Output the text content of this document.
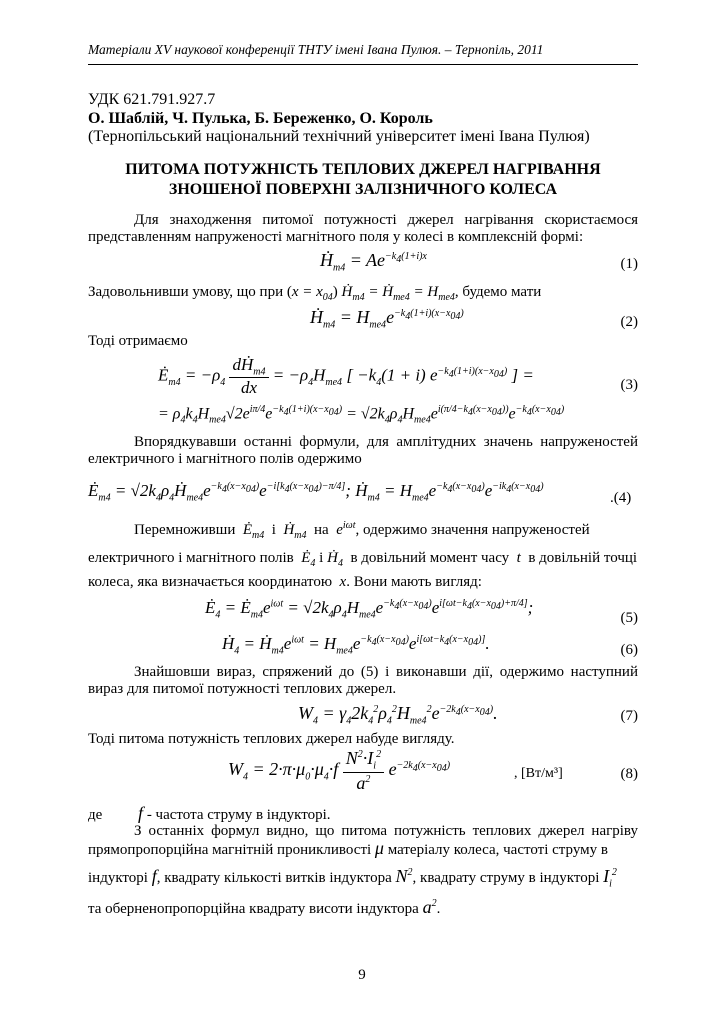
Матеріали XV наукової конференції ТНТУ імені Івана Пулюя. – Тернопіль, 2011
УДК 621.791.927.7
О. Шаблій, Ч. Пулька, Б. Береженко, О. Король
(Тернопільський національний технічний університет імені Івана Пулюя)
ПИТОМА ПОТУЖНІСТЬ ТЕПЛОВИХ ДЖЕРЕЛ НАГРІВАННЯ
ЗНОШЕНОЇ ПОВЕРХНІ ЗАЛІЗНИЧНОГО КОЛЕСА
Для знаходження питомої потужності джерел нагрівання скористаємося представленням напруженості магнітного поля у колесі в комплексній формі:
Ḣ$_{m4}$ = $Ae^{-k_4(1+i)x}$	(1)
Задовольнивши умову, що при $(x = x_{04})$ Ḣ$_{m4}$ = Ḣ$_{me4}$ = $H_{me4}$, будемо мати
Ḣ$_{m4}$ = $H_{me4}e^{-k_4(1+i)(x-x_{04})}$
(2)
Тоді отримаємо
$Ė_{m4} = -\rho_4 \frac{dḢ_{m4}}{dx} = -\rho_4H_{me4}$ [ $-k_4(1 + i)$ $e^{-k_4(1+i)(x-x_{04})}$ ] =
(3)
= $\rho_4k_4H_{me4}√2e^{i\pi/4}e^{-k_4(1+i)(x-x_{04})} = √2k_4\rho_4H_{me4}e^{i(\pi/4-k_4(x-x_{04}))}e^{-k_4(x-x_{04})}$
Впорядкувавши останні формули, для амплітудних значень напруженостей електричного і магнітного полів одержимо
$Ė_{m4}$ = $√2k_4\rho_4Ḣ_{me4}e^{-k_4(x-x_{04})}e^{-i[k_4(x-x_{04})-\pi/4]}$; Ḣ$_{m4}$ = $H_{me4}e^{-k_4(x-x_{04})}e^{-ik_4(x-x_{04})}$
.(4)
Перемноживши $Ė_{m4}$ і Ḣ$_{m4}$ на $e^{i\omega t}$, одержимо значення напруженостей
електричного і магнітного полів $Ė_4$ і Ḣ$_4$ в довільний момент часу t в довільній точці
колеса, яка визначається координатою x. Вони мають вигляд:
$Ė_4$ = $Ė_{m4}e^{i\omega t} = √2k_4\rho_4H_{me4}e^{-k_4(x-x_{04})}e^{i[\omega t-k_4(x-x_{04})+\pi/4]}$;
(5)
Ḣ$_4$ = $Ḣ_{m4}e^{i\omega t} = H_{me4}e^{-k_4(x-x_{04})}e^{i[\omega t-k_4(x-x_{04})]}$.	(6)
Знайшовши вираз, спряжений до (5) і виконавши дії, одержимо наступний вираз для питомої потужності теплових джерел.
$W_4 = \gamma_42k_4^2\rho_4^2H_{me4}^2e^{-2k_4(x-x_{04})}$.	(7)
Тоді питома потужність теплових джерел набуде вигляду.
$W_4 = 2\cdot\pi\cdot\mu_0\cdot\mu_4\cdot f \frac{N^2\cdot I_i^2}{a^2} e^{-2k_4(x-x_{04})}$
, [Вт/м³]	(8)
де f - частота струму в індукторі.
З останніх формул видно, що питома потужність теплових джерел нагріву прямопропорційна магнітній проникливості μ матеріалу колеса, частоті струму в
індукторі f, квадрату кількості витків індуктора $N^2$, квадрату струму в індукторі $I_i^2$
та оберненопропорційна квадрату висоти індуктора $a^2$.
9
